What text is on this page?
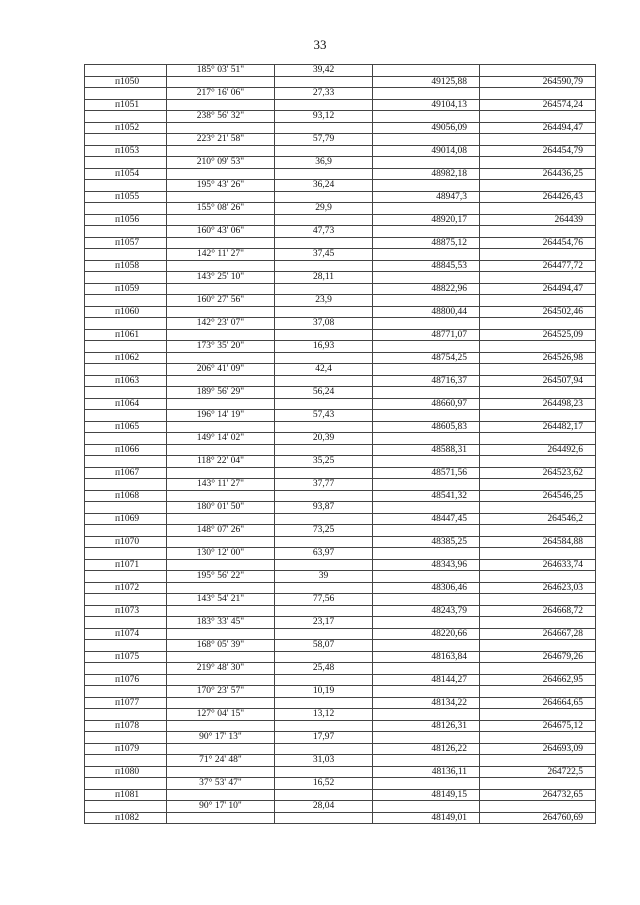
33
	185° 03' 51"	39,42		
п1050			49125,88	264590,79
	217° 16' 06"	27,33		
п1051			49104,13	264574,24
	238° 56' 32"	93,12		
п1052			49056,09	264494,47
	223° 21' 58"	57,79		
п1053			49014,08	264454,79
	210° 09' 53"	36,9		
п1054			48982,18	264436,25
	195° 43' 26"	36,24		
п1055			48947,3	264426,43
	155° 08' 26"	29,9		
п1056			48920,17	264439
	160° 43' 06"	47,73		
п1057			48875,12	264454,76
	142° 11' 27"	37,45		
п1058			48845,53	264477,72
	143° 25' 10"	28,11		
п1059			48822,96	264494,47
	160° 27' 56"	23,9		
п1060			48800,44	264502,46
	142° 23' 07"	37,08		
п1061			48771,07	264525,09
	173° 35' 20"	16,93		
п1062			48754,25	264526,98
	206° 41' 09"	42,4		
п1063			48716,37	264507,94
	189° 56' 29"	56,24		
п1064			48660,97	264498,23
	196° 14' 19"	57,43		
п1065			48605,83	264482,17
	149° 14' 02"	20,39		
п1066			48588,31	264492,6
	118° 22' 04"	35,25		
п1067			48571,56	264523,62
	143° 11' 27"	37,77		
п1068			48541,32	264546,25
	180° 01' 50"	93,87		
п1069			48447,45	264546,2
	148° 07' 26"	73,25		
п1070			48385,25	264584,88
	130° 12' 00"	63,97		
п1071			48343,96	264633,74
	195° 56' 22"	39		
п1072			48306,46	264623,03
	143° 54' 21"	77,56		
п1073			48243,79	264668,72
	183° 33' 45"	23,17		
п1074			48220,66	264667,28
	168° 05' 39"	58,07		
п1075			48163,84	264679,26
	219° 48' 30"	25,48		
п1076			48144,27	264662,95
	170° 23' 57"	10,19		
п1077			48134,22	264664,65
	127° 04' 15"	13,12		
п1078			48126,31	264675,12
	90° 17' 13"	17,97		
п1079			48126,22	264693,09
	71° 24' 48"	31,03		
п1080			48136,11	264722,5
	37° 53' 47"	16,52		
п1081			48149,15	264732,65
	90° 17' 10"	28,04		
п1082			48149,01	264760,69
